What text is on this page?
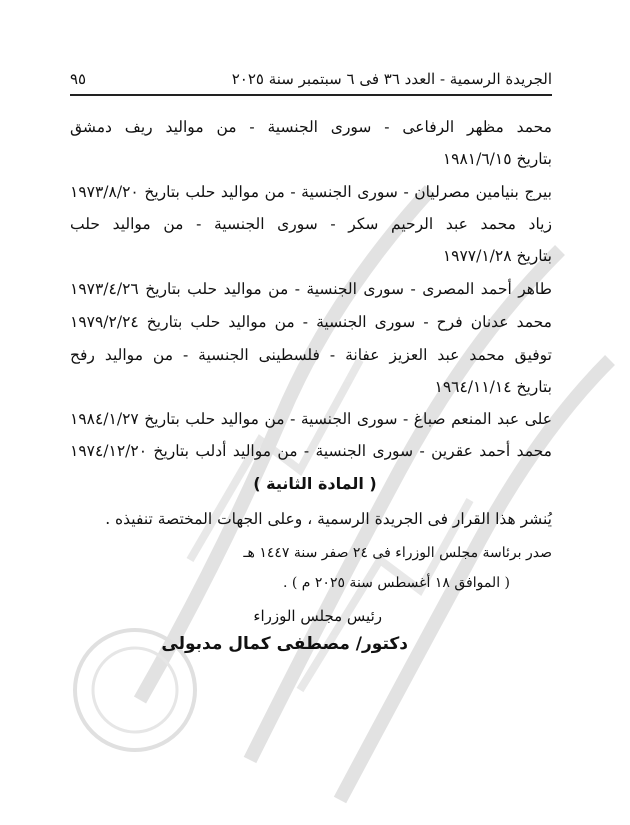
الجريدة الرسمية - العدد ٣٦ فى ٦ سبتمبر سنة ٢٠٢٥
٩٥
محمد مظهر الرفاعى - سورى الجنسية - من مواليد ريف دمشق
بتاريخ ١٩٨١/٦/١٥
بيرج بنيامين مصرليان - سورى الجنسية - من مواليد حلب بتاريخ ١٩٧٣/٨/٢٠
زياد محمد عبد الرحيم سكر - سورى الجنسية - من مواليد حلب
بتاريخ ١٩٧٧/١/٢٨
طاهر أحمد المصرى - سورى الجنسية - من مواليد حلب بتاريخ ١٩٧٣/٤/٢٦
محمد عدنان فرح - سورى الجنسية - من مواليد حلب بتاريخ ١٩٧٩/٢/٢٤
توفيق محمد عبد العزيز عفانة - فلسطينى الجنسية - من مواليد رفح
بتاريخ ١٩٦٤/١١/١٤
على عبد المنعم صباغ - سورى الجنسية - من مواليد حلب بتاريخ ١٩٨٤/١/٢٧
محمد أحمد عقرين - سورى الجنسية - من مواليد أدلب بتاريخ ١٩٧٤/١٢/٢٠
( المادة الثانية )
يُنشر هذا القرار فى الجريدة الرسمية ، وعلى الجهات المختصة تنفيذه .
صدر برئاسة مجلس الوزراء فى ٢٤ صفر سنة ١٤٤٧ هـ
( الموافق ١٨ أغسطس سنة ٢٠٢٥ م ) .
رئيس مجلس الوزراء
دكتور/ مصطفى كمال مدبولى
